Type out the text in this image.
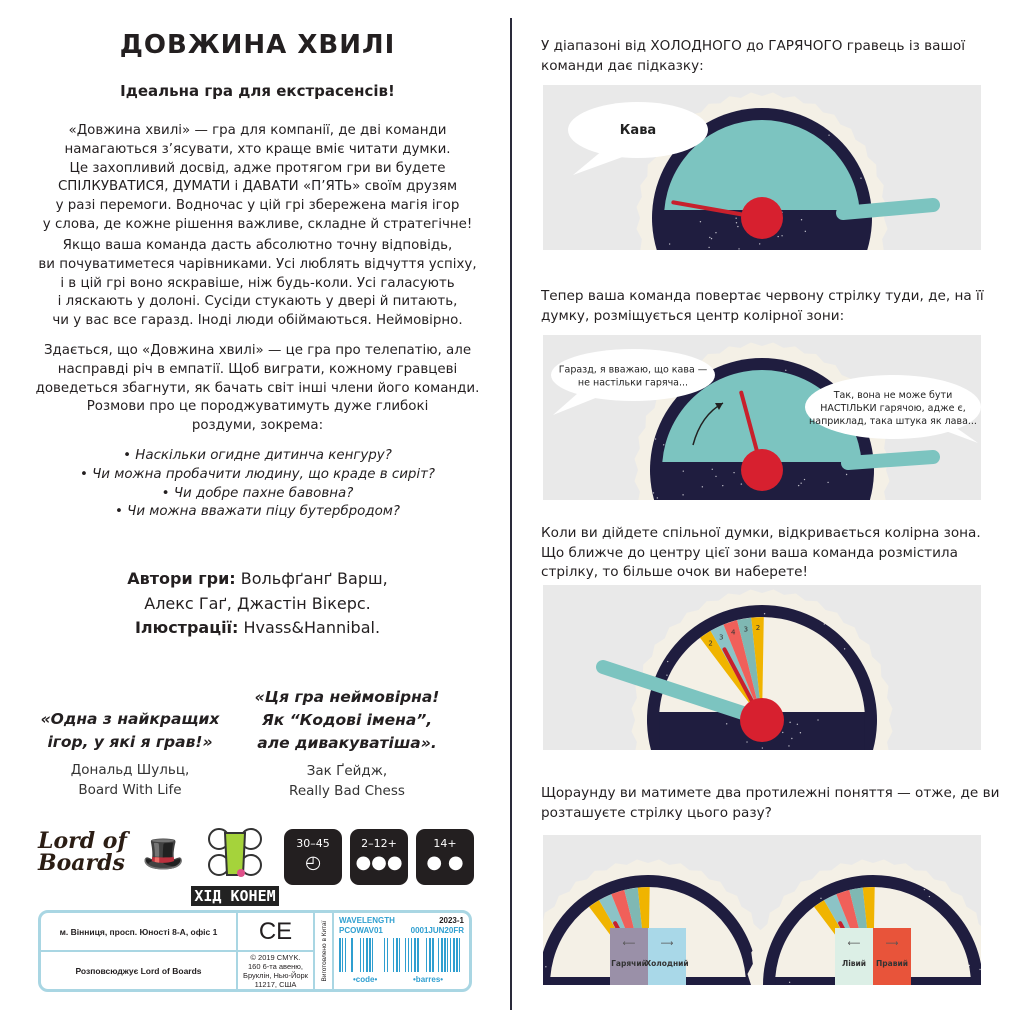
ДОВЖИНА ХВИЛІ
Ідеальна гра для екстрасенсів!
«Довжина хвилі» — гра для компанії, де дві команди
намагаються з’ясувати, хто краще вміє читати думки.
Це захопливий досвід, адже протягом гри ви будете
СПІЛКУВАТИСЯ, ДУМАТИ і ДАВАТИ «П’ЯТЬ» своїм друзям
у разі перемоги. Водночас у цій грі збережена магія ігор
у слова, де кожне рішення важливе, складне й стратегічне!
Якщо ваша команда дасть абсолютно точну відповідь,
ви почуватиметеся чарівниками. Усі люблять відчуття успіху,
і в цій грі воно яскравіше, ніж будь-коли. Усі галасують
і ляскають у долоні. Сусіди стукають у двері й питають,
чи у вас все гаразд. Іноді люди обіймаються. Неймовірно.
Здається, що «Довжина хвилі» — це гра про телепатію, але
насправді річ в емпатії. Щоб виграти, кожному гравцеві
доведеться збагнути, як бачать світ інші члени його команди.
Розмови про це породжуватимуть дуже глибокі
роздуми, зокрема:
• Наскільки огидне дитинча кенгуру?
• Чи можна пробачити людину, що краде в сиріт?
• Чи добре пахне бавовна?
• Чи можна вважати піцу бутербродом?
Автори гри: Вольфґанґ Варш,
Алекс Гаґ, Джастін Вікерс.
Ілюстрації: Hvass&Hannibal.
«Одна з найкращих
ігор, у які я грав!»
Дональд Шульц,
Board With Life
«Ця гра неймовірна!
Як “Кодові імена”,
але дивакуватіша».
Зак Ґейдж,
Really Bad Chess
Lord of
Boards 🎩
ХІД КОНЕМ
30–45
◴
2–12+
●●●
14+
● ●
м. Вінниця, просп. Юності 8-А, офіс 1
Розповсюджує Lord of Boards
CE
© 2019 CMYK.
160 6-та авеню,
Бруклін, Нью-Йорк
11217, США
Виготовлено в Китаї
WAVELENGTH
PCOWAV01
2023-1
0001JUN20FR
•code•	•barres•
У діапазоні від ХОЛОДНОГО до ГАРЯЧОГО гравець із вашої
команди дає підказку:
Кава
Тепер ваша команда повертає червону стрілку туди, де, на її
думку, розміщується центр колірної зони:
Гаразд, я вважаю, що кава —
не настільки гаряча...
Так, вона не може бути
НАСТІЛЬКИ гарячою, адже є,
наприклад, така штука як лава...
Коли ви дійдете спільної думки, відкривається колірна зона.
Що ближче до центру цієї зони ваша команда розмістила
стрілку, то більше очок ви наберете!
2
3
4 3 2
Щораунду ви матимете два протилежні поняття — отже, де ви
розташуєте стрілку цього разу?
⟵
Гарячий
⟶
Холодний
⟵
Лівий
⟶
Правий
